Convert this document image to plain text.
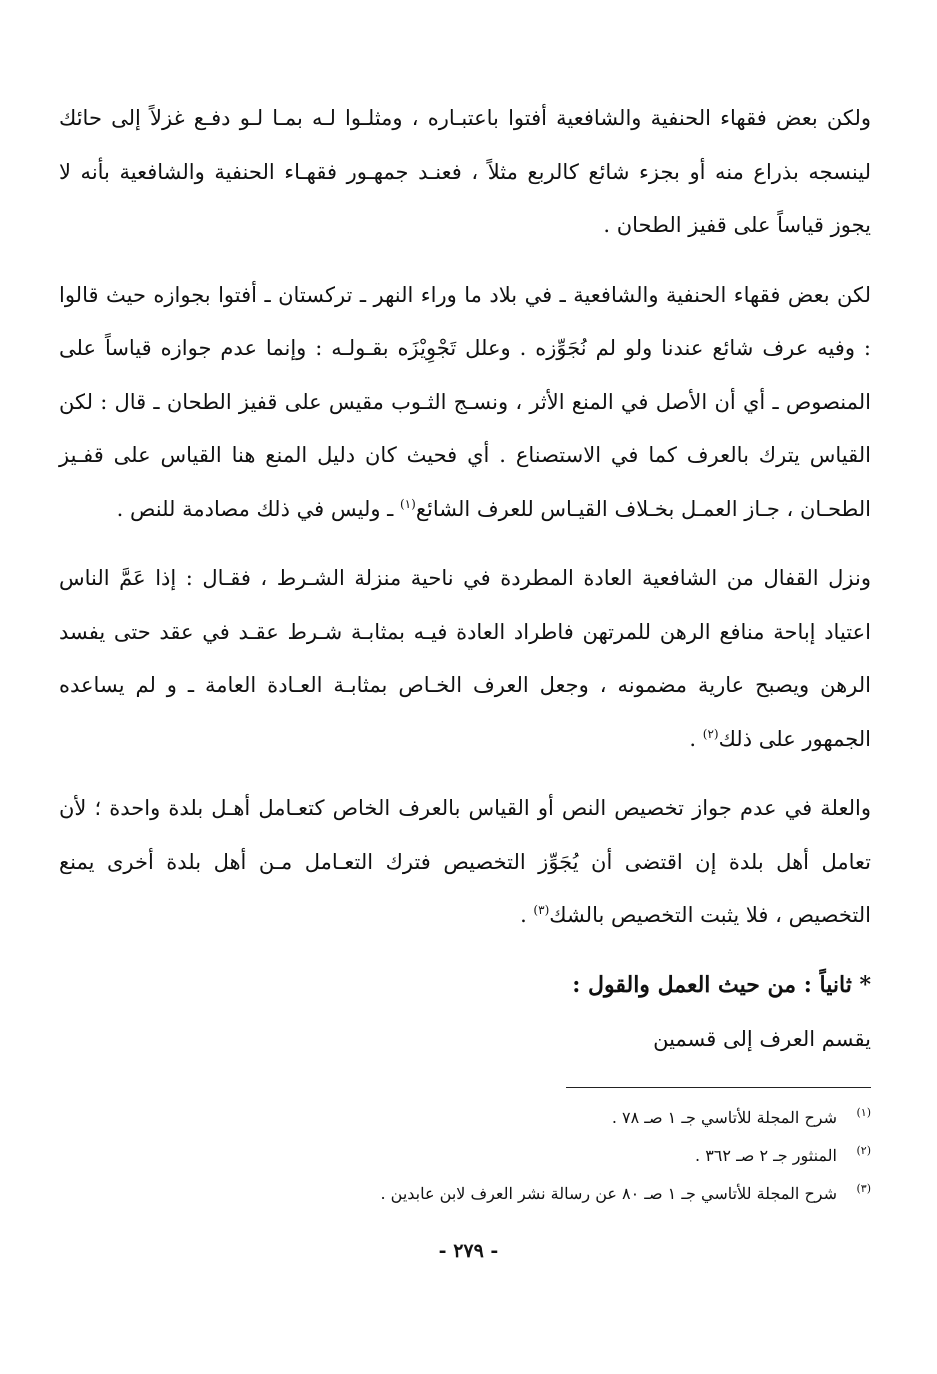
ولكن بعض فقهاء الحنفية والشافعية أفتوا باعتبـاره ، ومثلـوا لـه بمـا لـو دفـع غزلاً إلى حائك لينسجه بذراع منه أو بجزء شائع كالربع مثلاً ، فعنـد جمهـور فقهـاء الحنفية والشافعية بأنه لا يجوز قياساً على قفيز الطحان .

لكن بعض فقهاء الحنفية والشافعية ـ في بلاد ما وراء النهر ـ تركستان ـ أفتوا بجوازه حيث قالوا : وفيه عرف شائع عندنا ولو لم نُجَوِّزه . وعلل تَجْوِيْزَه بقـولـه : وإنما عدم جوازه قياساً على المنصوص ـ أي أن الأصل في المنع الأثر ، ونسـج الثـوب مقيس على قفيز الطحان ـ قال : لكن القياس يترك بالعرف كما في الاستصناع . أي فحيث كان دليل المنع هنا القياس على قفـيز الطحـان ، جـاز العمـل بخـلاف القيـاس للعرف الشائع$^{(١)}$ ـ وليس في ذلك مصادمة للنص .

ونزل القفال من الشافعية العادة المطردة في ناحية منزلة الشـرط ، فقـال : إذا عَمَّ الناس اعتياد إباحة منافع الرهن للمرتهن فاطراد العادة فيـه بمثابـة شـرط عقـد في عقد حتى يفسد الرهن ويصبح عارية مضمونه ، وجعل العرف الخـاص بمثابـة العـادة العامة ـ و لم يساعده الجمهور على ذلك$^{(٢)}$ .

والعلة في عدم جواز تخصيص النص أو القياس بالعرف الخاص كتعـامل أهـل بلدة واحدة ؛ لأن تعامل أهل بلدة إن اقتضى أن يُجَوِّز التخصيص فترك التعـامل مـن أهل بلدة أخرى يمنع التخصيص ، فلا يثبت التخصيص بالشك$^{(٣)}$ .

* ثانياً : من حيث العمل والقول :

يقسم العرف إلى قسمين

(١)
شرح المجلة للأتاسي جـ ١ صـ ٧٨ .
(٢)
المنثور جـ ٢ صـ ٣٦٢ .
(٣)
شرح المجلة للأتاسي جـ ١ صـ ٨٠ عن رسالة نشر العرف لابن عابدين .
- ٢٧٩ -
